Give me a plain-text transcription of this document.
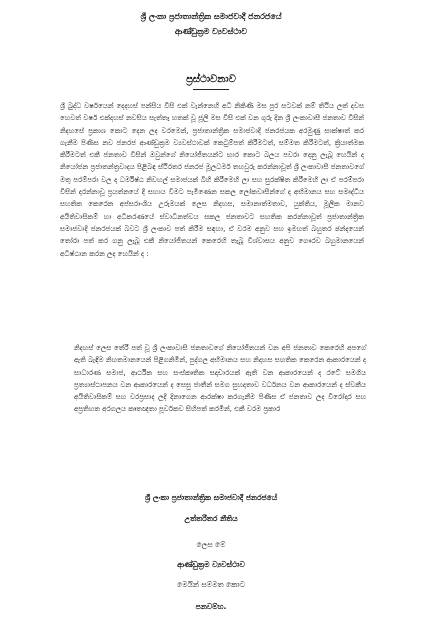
ශ්‍රී ලංකා ප්‍රජාතාන්ත්‍රික සමාජවාදී ජනරජයේ
ආණ්ඩුක්‍රම ව්‍යවස්ථාව
ප්‍රස්ථාවනාව
ශ්‍රී බුද්ධ වර්ෂයෙන් දෙදහස් පන්සිය විසි එක් වැන්නෙහි අධි නිකිණි මස පුර සටවක් නම් තිථිය ලත් දවස හෙවත් වර්ෂ එක්දහස් නවසිය සැත්තෑ හතක් වූ ජූලි මස විසි එක් වන ගුරු දින ශ්‍රී ලංකාවාසී ජනතාව විසින් නිදහසේ ප්‍රකාශ කොට දෙන ලද වරමෙන්, ප්‍රජාතාන්ත්‍රික සමාජවාදී ජනරජයක අරමුණු සාක්ෂාත් කර ගැනීම පිණිස නව ජනරජ ආණ්ඩුක්‍රම ව්‍යවස්ථාවක් කෙටුම්පත් කිරීමටත්, සම්මත කිරීමටත්, ක්‍රියාත්මක කිරීමටත් එකී ජනතාව විසින් ඔවුන්ගේ නියෝජිතයන්ට භාර කොට බලය පවරා දෙනු ලැබූ හෙයින් ද නියෝජන ප්‍රජාතන්ත්‍රවාදය පිළිබඳ ස්ථිරතර ජනරජ මූලධර්ම තහවුරු කරන්නාවූත් ශ්‍රී ලංකාවාසී ජනතාවගේ මතු පරම්පරා වල ද ධර්මිෂ්ඨ නිවහල් සමාජයක් බිහි කිරීමෙහි ලා සහ සුරක්ෂිත කිරීමෙහි ලා ඒ පරම්පරා විසින් දරන්නාවූ ප්‍රයත්නයේ දී සහාය වීමට පැමිණෙන සකල ලෝකවාසීන්ගේ ද අභිමානය සහ සමෘද්ධිය සහතික කෙරෙන අප්සරාංශිය උරුමයක් ලෙස නිදහස, සමානාත්මතාව, යුක්තිය, මූලික මානව අයිතිවාසිකම් හා අධිකරණයේ ස්වාධීනත්වය සකල ජනතාවට සහතික කරන්නාවූත් ප්‍රජාතාන්ත්‍රික සමාජවාදී ජනරජයක් බවට ශ්‍රී ලංකාව පත් කිරීම සඳහා, ඒ වරම අනුව සහ ඉමහත් බහුතර ඡන්දයෙන් තෝරා පත් කර ගනු ලැබූ එකී නියෝජිතයන් කෙරෙහි තැබූ විශ්වාසය අනුව ගෞරව බහුමානයෙන් අධිෂ්ඨාන කරන ලද හෙයින් ද :
නිදහස් ලෙස තේරී පත් වූ ශ්‍රී ලංකාවාසී ජනතාවගේ නියෝජිතයන් වන අපි ජනතාව කෙරෙහි අපගේ ඇති බැඳීම නිහතමානයෙන් පිළිගනිමින්, පුද්ගල අභිමානය සහ නිදහස සහතික කෙරෙන ආකාරයෙන් ද සාධාරණ සමාජ, ආර්ථික සහ සංස්කෘතික සදාචාරයක් ඇති වන ආකාරයෙන් ද රටේ සමගිය ප්‍රත්‍යාස්ථාපනය වන ආකාරයෙන් ද සෙසු ජාතීන් සමග සුහදතාව වර්ධනය වන ආකාරයෙන් ද ස්වකීය අයිතිවාසිකම් සහ වරප්‍රසාද ලදී දිනාගෙන ආරක්ෂා කරගැනීම පිණිස ඒ ජනතාව ලද වීරෝදාර සහ අප්‍රතිහත අරගලය කෘතඥතා පූර්වකව සිහිපත් කරමින්, එකී වරම ප්‍රකාර
ශ්‍රී ලංකා ප්‍රජාතාන්ත්‍රික සමාජවාදී ජනරජයේ
උත්තරීතර නීතිය
ලෙස මේ
ආණ්ඩුක්‍රම ව්‍යවස්ථාව
මෙයින් සම්මත කොට
පනවම්හ.
